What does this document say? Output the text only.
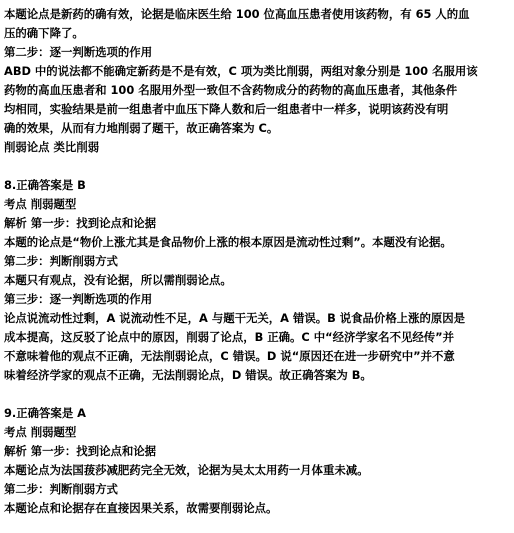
本题论点是新药的确有效，论据是临床医生给 100 位高血压患者使用该药物，有 65 人的血

压的确下降了。

第二步：逐一判断选项的作用

ABD 中的说法都不能确定新药是不是有效，C 项为类比削弱，两组对象分别是 100 名服用该

药物的高血压患者和 100 名服用外型一致但不含药物成分的药物的高血压患者，其他条件

均相同，实验结果是前一组患者中血压下降人数和后一组患者中一样多，说明该药没有明

确的效果，从而有力地削弱了题干，故正确答案为 C。

削弱论点 类比削弱

8.正确答案是 B

考点 削弱题型

解析 第一步：找到论点和论据

本题的论点是“物价上涨尤其是食品物价上涨的根本原因是流动性过剩”。本题没有论据。

第二步：判断削弱方式

本题只有观点，没有论据，所以需削弱论点。

第三步：逐一判断选项的作用

论点说流动性过剩，A 说流动性不足，A 与题干无关，A 错误。B 说食品价格上涨的原因是

成本提高，这反驳了论点中的原因，削弱了论点，B 正确。C 中“经济学家名不见经传”并

不意味着他的观点不正确，无法削弱论点，C 错误。D 说“原因还在进一步研究中”并不意

味着经济学家的观点不正确，无法削弱论点，D 错误。故正确答案为 B。

9.正确答案是 A

考点 削弱题型

解析 第一步：找到论点和论据

本题论点为法国菝莎减肥药完全无效，论据为吴太太用药一月体重未减。

第二步：判断削弱方式

本题论点和论据存在直接因果关系，故需要削弱论点。
